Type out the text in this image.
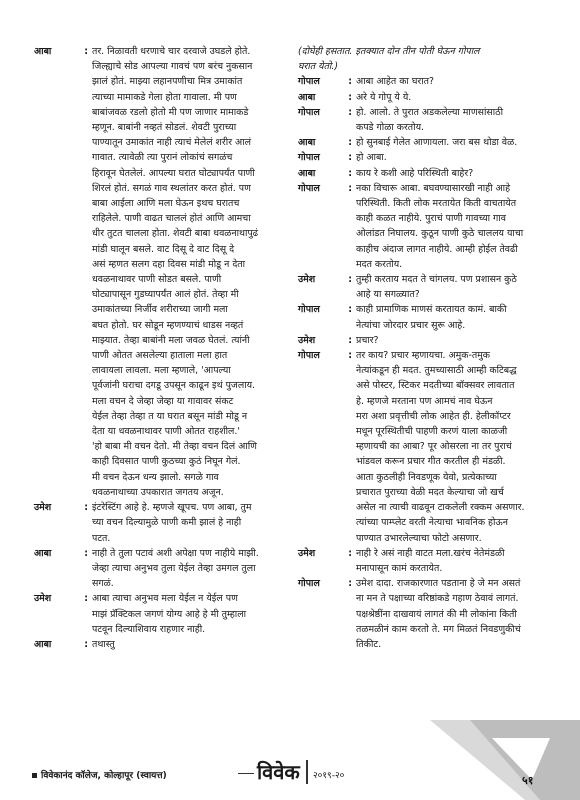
आबा	: तर. निळावती धरणाचे चार दरवाजे उघडले होते.
जिल्ह्याचे सोड आपल्या गावचं पण बरंच नुकसान
झालं होतं. माझ्या लहानपणीचा मित्र उमाकांत
त्याच्या मामाकडे गेला होता गावाला. मी पण
बाबांजवळ रडलो होतो मी पण जाणार मामाकडे
म्हणून. बाबांनी नव्हतं सोडलं. शेवटी पुराच्या
पाण्यातून उमाकांत नाही त्याचं मेलेलं शरीर आलं
गावात. त्यावेळी त्या पुरानं लोकांचं सगळंच
हिरावून घेतलेलं. आपल्या घरात घोट्यापर्यंत पाणी
शिरलं होतं. सगळं गाव स्थलांतर करत होतं. पण
बाबा आईला आणि मला घेऊन इथच घरातच
राहिलेले. पाणी वाढत चाललं होतं आणि आमचा
धीर तुटत चालला होता. शेवटी बाबा धवळनाथापुढं
मांडी घालून बसले. वाट दिसू दे वाट दिसू दे
असं म्हणत सलग दहा दिवस मांडी मोडू न देता
धवळनाथावर पाणी सोडत बसले. पाणी
घोट्यापासून गुडघ्यापर्यंत आलं होतं. तेव्हा मी
उमाकांतच्या निर्जीव शरीराच्या जागी मला
बघत होतो. घर सोडून म्हणण्याचं धाडस नव्हतं
माझ्यात. तेव्हा बाबांनी मला जवळ घेतलं. त्यांनी
पाणी ओतत असलेल्या हाताला मला हात
लावायला लावला. मला म्हणाले, 'आपल्या
पूर्वजांनी घराचा दगडू उपसून काढून इथं पुजलाय.
मला वचन दे जेव्हा जेव्हा या गावावर संकट
येईल तेव्हा तेव्हा त या घरात बसून मांडी मोडू न
देता या धवळनाथावर पाणी ओतत राहशील.'
'हो बाबा मी वचन देतो. मी तेव्हा वचन दिलं आणि
काही दिवसात पाणी कुठच्या कुठं निघून गेलं.
मी वचन देऊन धन्य झालो. सगळे गाव
धवळनाथाच्या उपकारात जगतय अजून.
उमेश	: इंटरेस्टिंग आहे हे. म्हणजे खूपच. पण आबा, तुम
च्या वचन दिल्यामुळे पाणी कमी झालं हे नाही
पटत.
आबा	: नाही ते तुला पटावं अशी अपेक्षा पण नाहीये माझी.
जेव्हा त्याचा अनुभव तुला येईल तेव्हा उमगल तुला
सगळं.
उमेश	: आबा त्याचा अनुभव मला येईल न येईल पण
माझं प्रॅक्टिकल जगणं योग्य आहे हे मी तुम्हाला
पटवून दिल्याशिवाय राहणार नाही.
आबा	: तथास्तु
(दोघेही हसतात. इतक्यात दोन तीन पोती घेऊन गोपाल
घरात येतो.)
गोपाल	: आबा आहेत का घरात?
आबा	: अरे ये गोपू ये ये.
गोपाल	: हो. आलो. ते पुरात अडकलेल्या माणसांसाठी
कपडे गोळा करतोय.
आबा	: हो सुनबाई गेलेत आणायला. जरा बस थोडा वेळ.
गोपाल	: हो आबा.
आबा	: काय रे कशी आहे परिस्थिती बाहेर?
गोपाल	: नका विचारू आबा. बघवण्यासारखी नाही आहे
परिस्थिती. किती लोक मरतायेत किती वाचतायेत
काही कळत नाहीये. पुराचं पाणी गावच्या गाव
ओलांडत निघालय. कुठून पाणी कुठे चाललय याचा
काहीच अंदाज लागत नाहीये. आम्ही होईल तेवढी
मदत करतोय.
उमेश	: तुम्ही करताय मदत ते चांगलय. पण प्रशासन कुठे
आहे या सगळ्यात?
गोपाल	: काही प्रामाणिक माणसं करतायत कामं. बाकी
नेत्यांचा जोरदार प्रचार सुरू आहे.
उमेश	: प्रचार?
गोपाल	: तर काय? प्रचार म्हणायचा. अमुक-तमुक
नेत्यांकडून ही मदत. तुमच्यासाठी आम्ही कटिबद्ध
असे पोस्टर, स्टिकर मदतीच्या बॉक्सवर लावतात
हे. म्हणजे मरताना पण आमचं नाव घेऊन
मरा अशा प्रवृत्तीची लोक आहेत ही. हेलीकॉप्टर
मधून पूरस्थितीची पाहणी करणं याला काळजी
म्हणायची का आबा? पूर ओसरला ना तर पुराचं
भांडवल करून प्रचार गीत करतील ही मंडळी.
आता कुठलीही निवडणूक येवो, प्रत्येकाच्या
प्रचारात पुराच्या वेळी मदत केल्याचा जो खर्च
असेल ना त्याची वाढवून टाकलेली रक्कम असणार.
त्यांच्या पाम्प्लेट वरती नेत्याचा भावनिक होऊन
पाण्यात उभारलेल्याचा फोटो असणार.
उमेश	: नाही रे असं नाही वाटत मला.खरंच नेतेमंडळी
मनापासून कामं करतायेत.
गोपाल	: उमेश दादा. राजकारणात पडताना हे जे मन असतं
ना मन ते पक्षाच्या वरिष्ठांकडे गहाण ठेवावं लागतं.
पक्षश्रेष्ठींना दाखवायं लागतं की मी लोकांना किती
तळमळीनं काम करतो ते. मग मिळतं निवडणुकीचं
तिकीट.
विवेकानंद कॉलेज, कोल्हापूर (स्वायत्त)	विवेक २०१९-२०	५१
